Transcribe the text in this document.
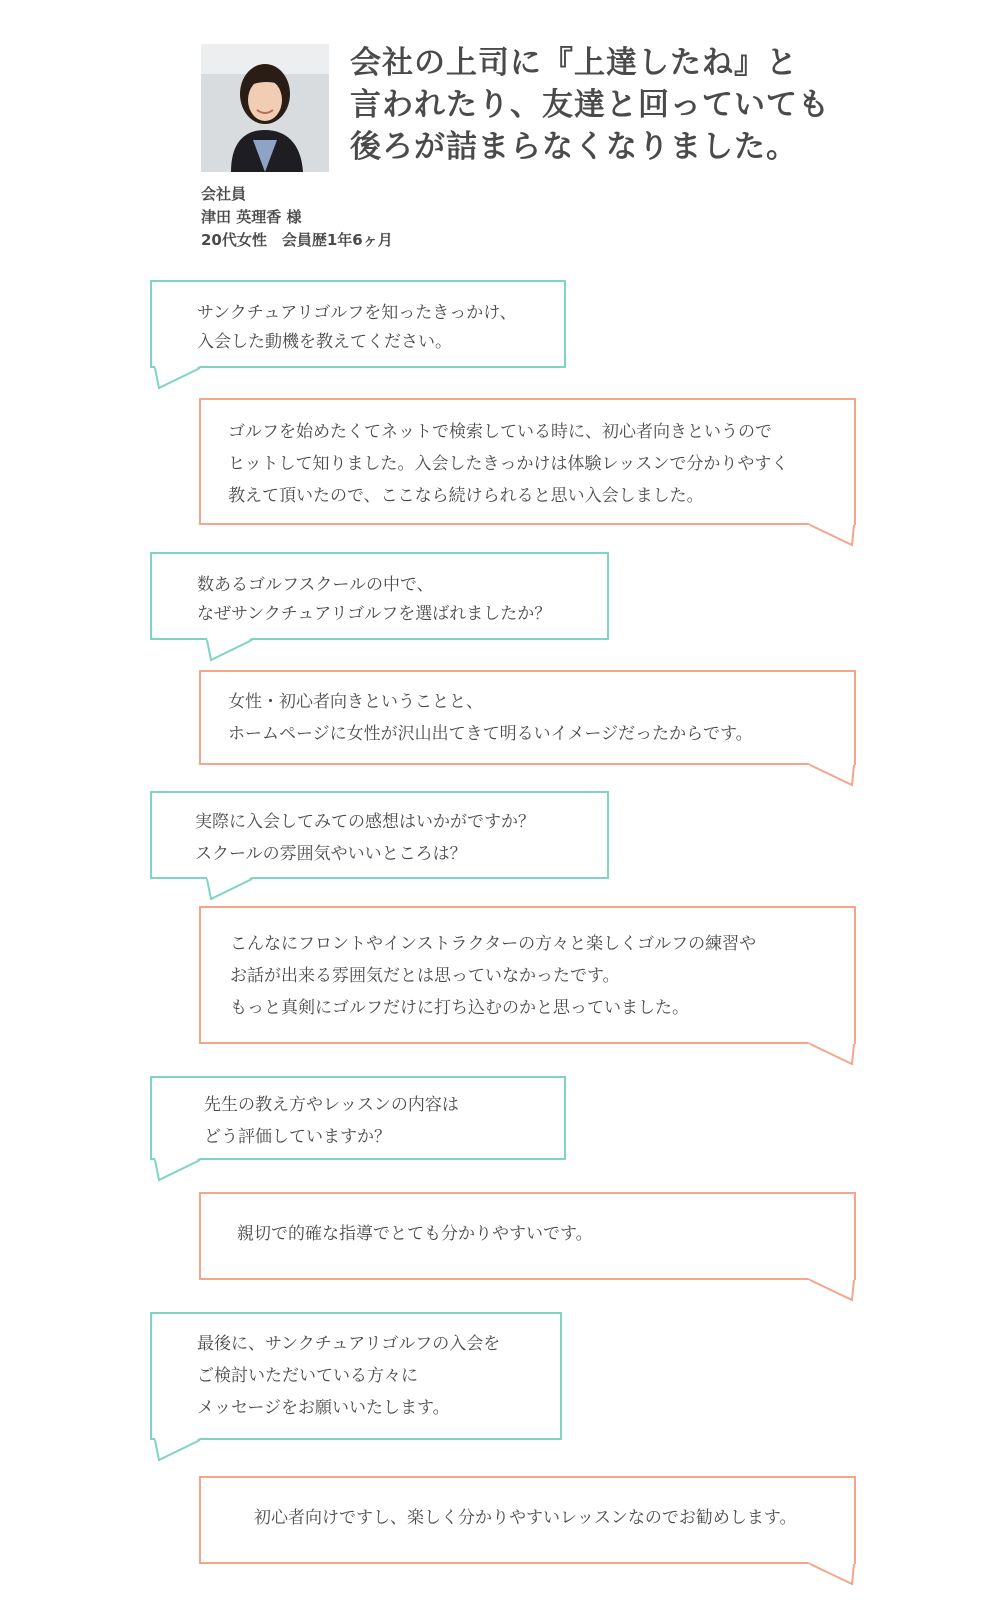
会社の上司に『上達したね』と
言われたり、友達と回っていても
後ろが詰まらなくなりました。
会社員
津田 英理香 様
20代女性　会員歴1年6ヶ月
サンクチュアリゴルフを知ったきっかけ、
入会した動機を教えてください。
ゴルフを始めたくてネットで検索している時に、初心者向きというので
ヒットして知りました。入会したきっかけは体験レッスンで分かりやすく
教えて頂いたので、ここなら続けられると思い入会しました。
数あるゴルフスクールの中で、
なぜサンクチュアリゴルフを選ばれましたか？
女性・初心者向きということと、
ホームページに女性が沢山出てきて明るいイメージだったからです。
実際に入会してみての感想はいかがですか？
スクールの雰囲気やいいところは？
こんなにフロントやインストラクターの方々と楽しくゴルフの練習や
お話が出来る雰囲気だとは思っていなかったです。
もっと真剣にゴルフだけに打ち込むのかと思っていました。
先生の教え方やレッスンの内容は
どう評価していますか？
親切で的確な指導でとても分かりやすいです。
最後に、サンクチュアリゴルフの入会を
ご検討いただいている方々に
メッセージをお願いいたします。
初心者向けですし、楽しく分かりやすいレッスンなのでお勧めします。
